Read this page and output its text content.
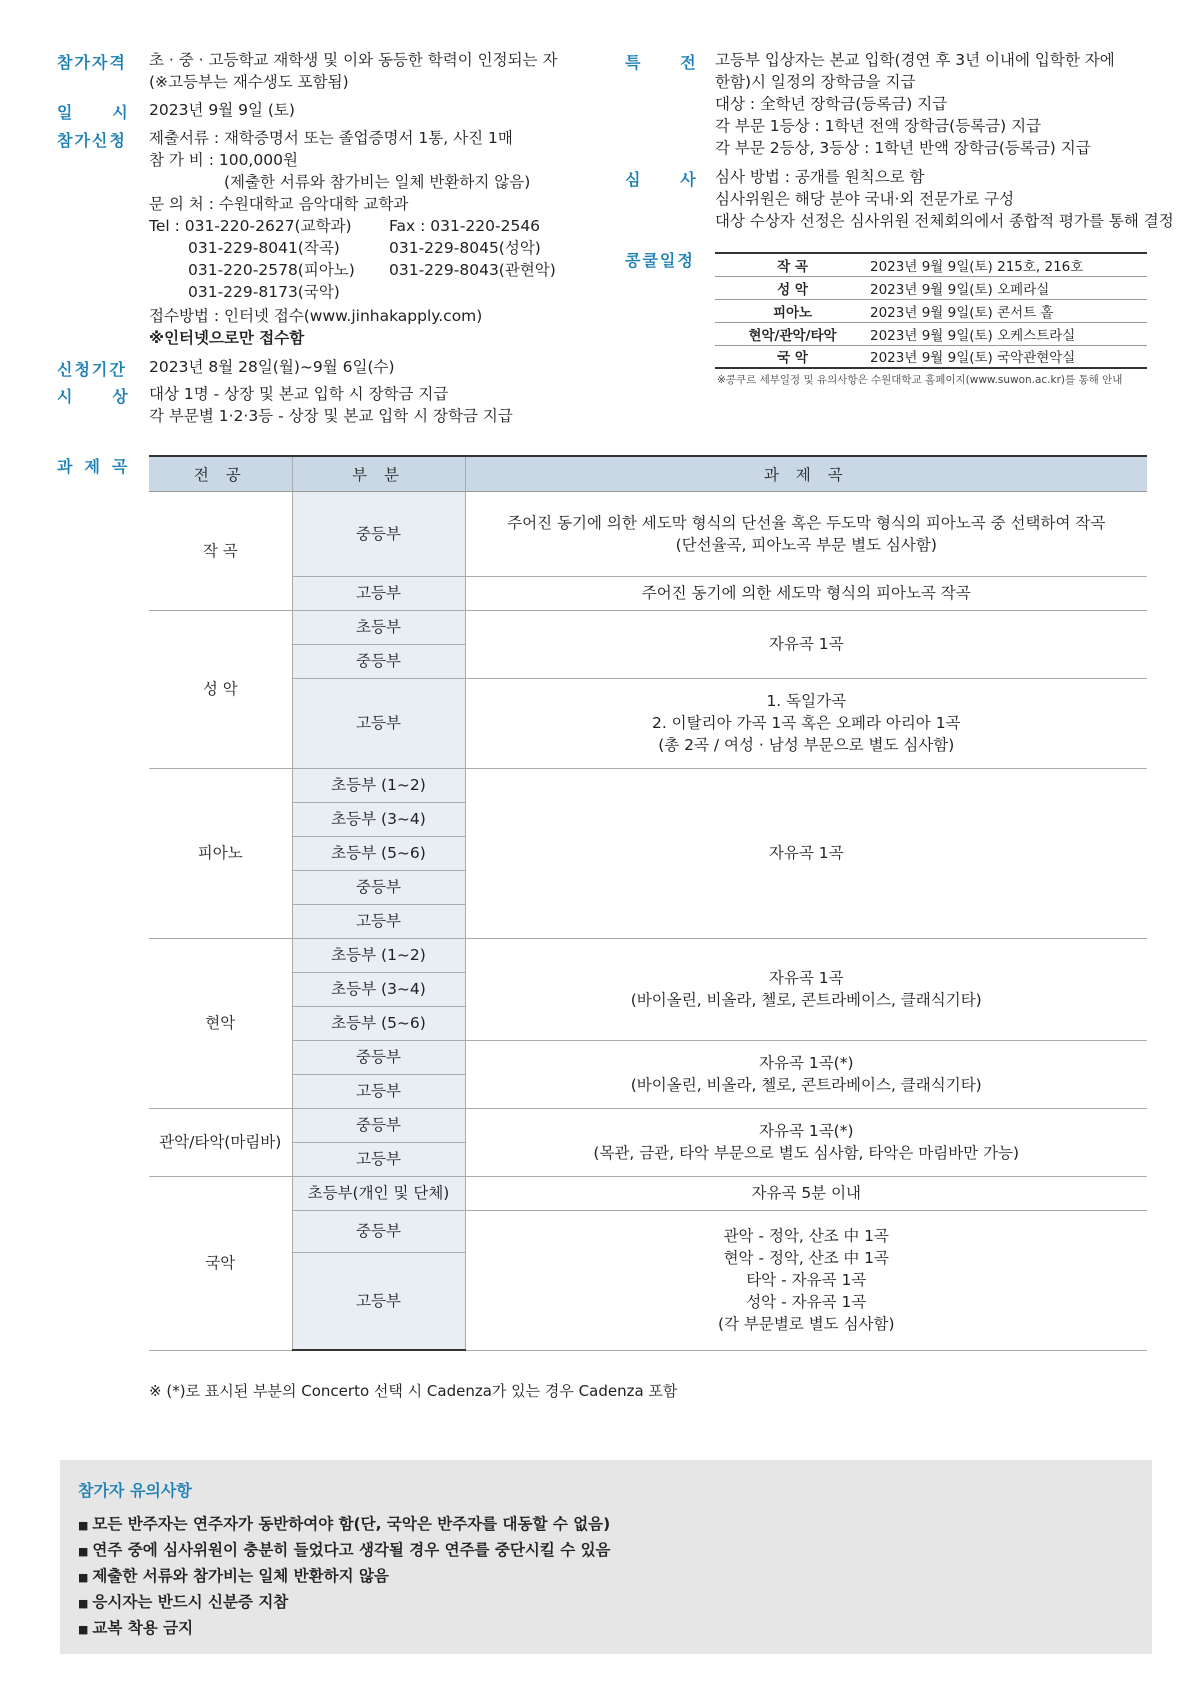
참가자격 초 · 중 · 고등학교 재학생 및 이와 동등한 학력이 인정되는 자
(※고등부는 재수생도 포함됨)
일     시 2023년 9월 9일 (토)
참가신청 제출서류 : 재학증명서 또는 졸업증명서 1통, 사진 1매
참 가 비 : 100,000원
(제출한 서류와 참가비는 일체 반환하지 않음)
문 의 처 : 수원대학교 음악대학 교학과
Tel : 031-220-2627(교학과) Fax : 031-220-2546
031-229-8041(작곡)	031-229-8045(성악)
031-220-2578(피아노) 031-229-8043(관현악)
031-229-8173(국악)
접수방법 : 인터넷 접수(www.jinhakapply.com)
※인터넷으로만 접수함
신청기간 2023년 8월 28일(월)~9월 6일(수)
시     상 대상 1명 - 상장 및 본교 입학 시 장학금 지급
각 부문별 1·2·3등 - 상장 및 본교 입학 시 장학금 지급
특     전 고등부 입상자는 본교 입학(경연 후 3년 이내에 입학한 자에
한함)시 일정의 장학금을 지급
대상 : 全학년 장학금(등록금) 지급
각 부문 1등상 : 1학년 전액 장학금(등록금) 지급
각 부문 2등상, 3등상 : 1학년 반액 장학금(등록금) 지급
심     사 심사 방법 : 공개를 원칙으로 함
심사위원은 해당 분야 국내·외 전문가로 구성
대상 수상자 선정은 심사위원 전체회의에서 종합적 평가를 통해 결정
콩쿨일정	작 곡	2023년 9월 9일(토) 215호, 216호
성 악	2023년 9월 9일(토) 오페라실
피아노	2023년 9월 9일(토) 콘서트 홀
현악/관악/타악	2023년 9월 9일(토) 오케스트라실
국 악	2023년 9월 9일(토) 국악관현악실
※콩쿠르 세부일정 및 유의사항은 수원대학교 홈페이지(www.suwon.ac.kr)를 통해 안내
과제곡	전 공	부 분	과 제 곡
작 곡	중등부	주어진 동기에 의한 세도막 형식의 단선율 혹은 두도막 형식의 피아노곡 중 선택하여 작곡
(단선율곡, 피아노곡 부문 별도 심사함)

	고등부	주어진 동기에 의한 세도막 형식의 피아노곡 작곡
성 악	초등부	자유곡 1곡
	중등부	
	고등부	1. 독일가곡
2. 이탈리아 가곡 1곡 혹은 오페라 아리아 1곡
(총 2곡 / 여성 · 남성 부문으로 별도 심사함)

피아노	초등부 (1~2)	자유곡 1곡
	초등부 (3~4)	
	초등부 (5~6)	
	중등부	
	고등부	
현악	초등부 (1~2)	자유곡 1곡
(바이올린, 비올라, 첼로, 콘트라베이스, 클래식기타)

	초등부 (3~4)	
	초등부 (5~6)	
	중등부	자유곡 1곡(*)
(바이올린, 비올라, 첼로, 콘트라베이스, 클래식기타)

	고등부	
관악/타악(마림바)	중등부	자유곡 1곡(*)
(목관, 금관, 타악 부문으로 별도 심사함, 타악은 마림바만 가능)

	고등부	
국악	초등부(개인 및 단체)	자유곡 5분 이내
	중등부	관악 - 정악, 산조 中 1곡
현악 - 정악, 산조 中 1곡
타악 - 자유곡 1곡
성악 - 자유곡 1곡
(각 부문별로 별도 심사함)

	고등부	
※ (*)로 표시된 부분의 Concerto 선택 시 Cadenza가 있는 경우 Cadenza 포함
참가자 유의사항
■ 모든 반주자는 연주자가 동반하여야 함(단, 국악은 반주자를 대동할 수 없음)
■ 연주 중에 심사위원이 충분히 들었다고 생각될 경우 연주를 중단시킬 수 있음
■ 제출한 서류와 참가비는 일체 반환하지 않음
■ 응시자는 반드시 신분증 지참
■ 교복 착용 금지
